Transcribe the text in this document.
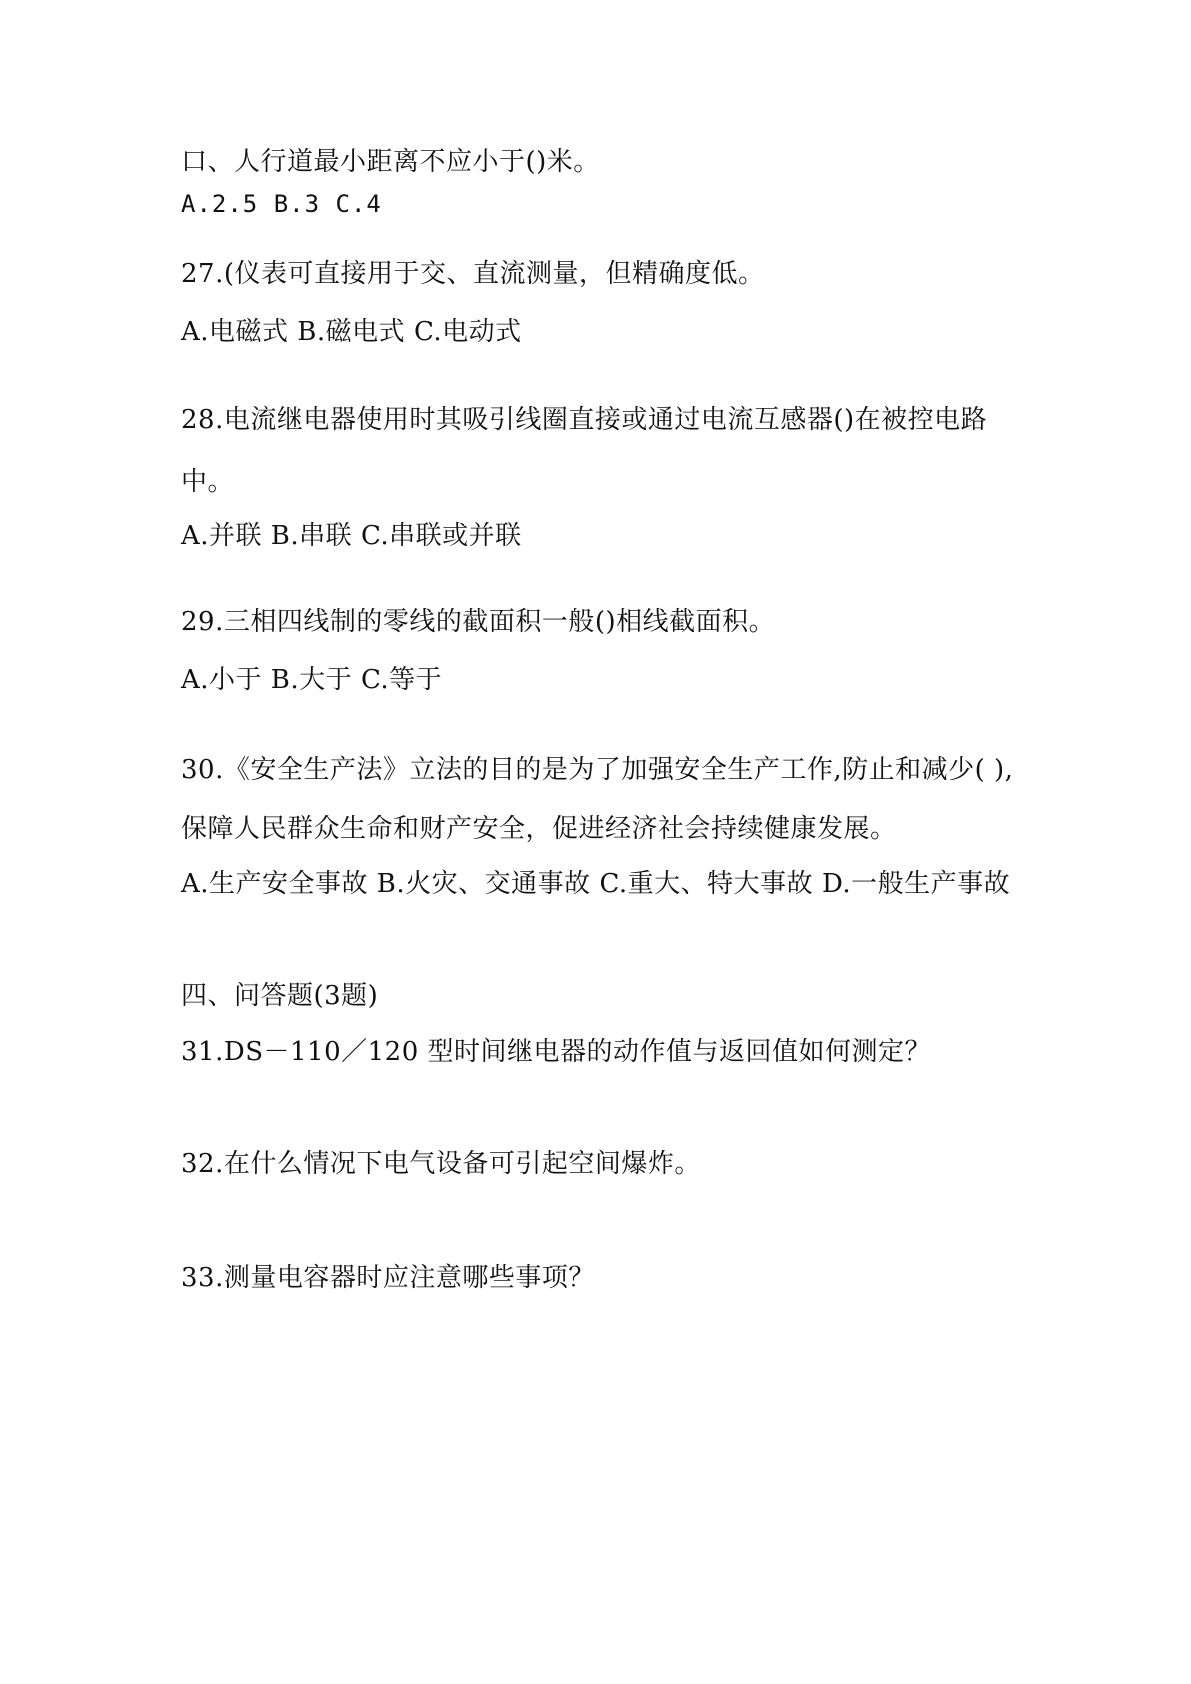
口、人行道最小距离不应小于()米。
A.2.5 B.3 C.4
27.(仪表可直接用于交、直流测量，但精确度低。
A.电磁式 B.磁电式 C.电动式
28.电流继电器使用时其吸引线圈直接或通过电流互感器()在被控电路
中。
A.并联 B.串联 C.串联或并联
29.三相四线制的零线的截面积一般()相线截面积。
A.小于 B.大于 C.等于
30.《安全生产法》立法的目的是为了加强安全生产工作,防止和减少( ),
保障人民群众生命和财产安全，促进经济社会持续健康发展。
A.生产安全事故 B.火灾、交通事故 C.重大、特大事故 D.一般生产事故
四、问答题(3题)
31.DS－110／120 型时间继电器的动作值与返回值如何测定？
32.在什么情况下电气设备可引起空间爆炸。
33.测量电容器时应注意哪些事项？
